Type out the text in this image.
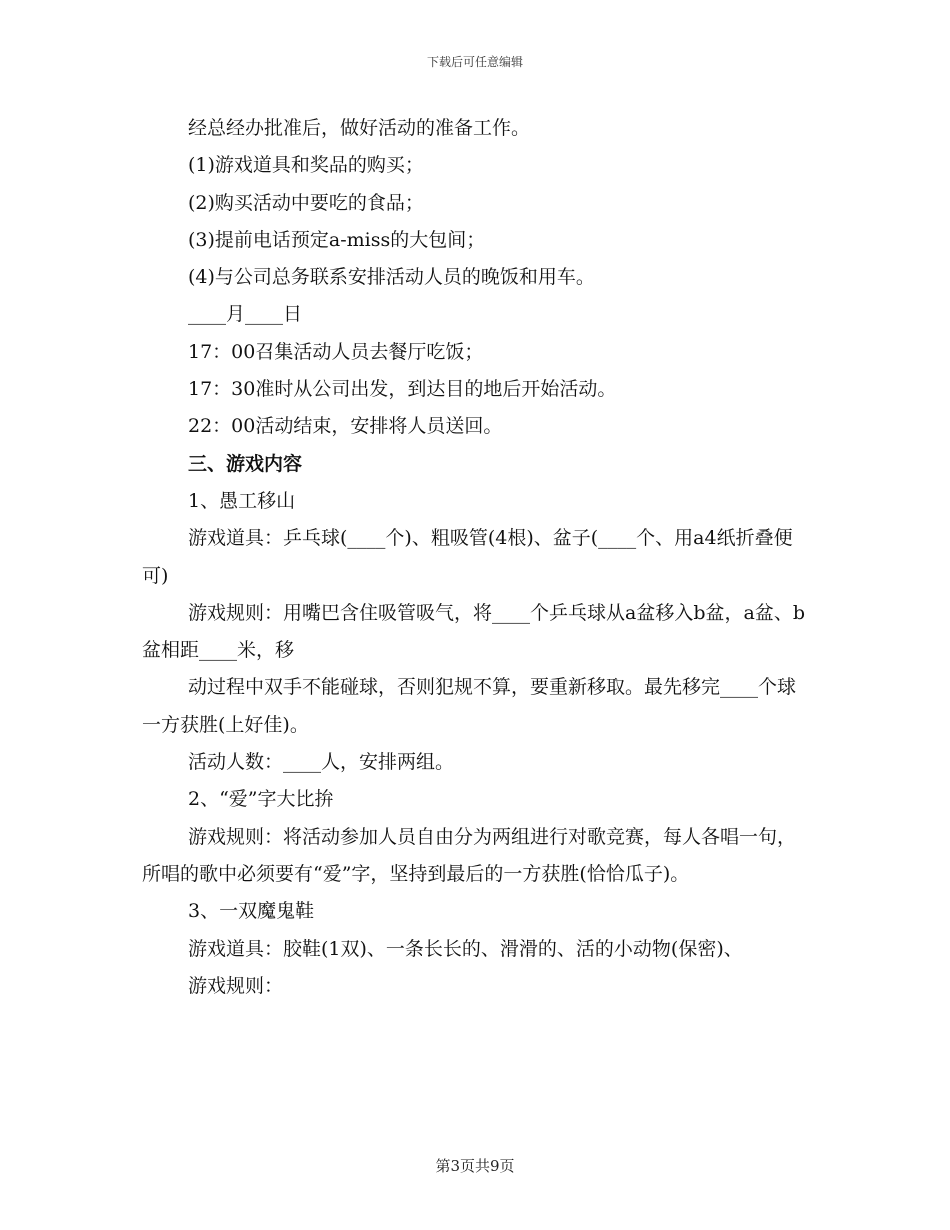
下载后可任意编辑

经总经办批准后，做好活动的准备工作。

(1)游戏道具和奖品的购买；

(2)购买活动中要吃的食品；

(3)提前电话预定a-miss的大包间；

(4)与公司总务联系安排活动人员的晚饭和用车。

____月____日

17：00召集活动人员去餐厅吃饭；

17：30准时从公司出发，到达目的地后开始活动。

22：00活动结束，安排将人员送回。

三、游戏内容

1、愚工移山

游戏道具：乒乓球(____个)、粗吸管(4根)、盆子(____个、用a4纸折叠便可)

游戏规则：用嘴巴含住吸管吸气，将____个乒乓球从a盆移入b盆，a盆、b盆相距____米，移

动过程中双手不能碰球，否则犯规不算，要重新移取。最先移完____个球一方获胜(上好佳)。

活动人数：____人，安排两组。

2、“爱”字大比拚

游戏规则：将活动参加人员自由分为两组进行对歌竞赛，每人各唱一句，所唱的歌中必须要有“爱”字，坚持到最后的一方获胜(恰恰瓜子)。

3、一双魔鬼鞋

游戏道具：胶鞋(1双)、一条长长的、滑滑的、活的小动物(保密)、

游戏规则：

第3页共9页
